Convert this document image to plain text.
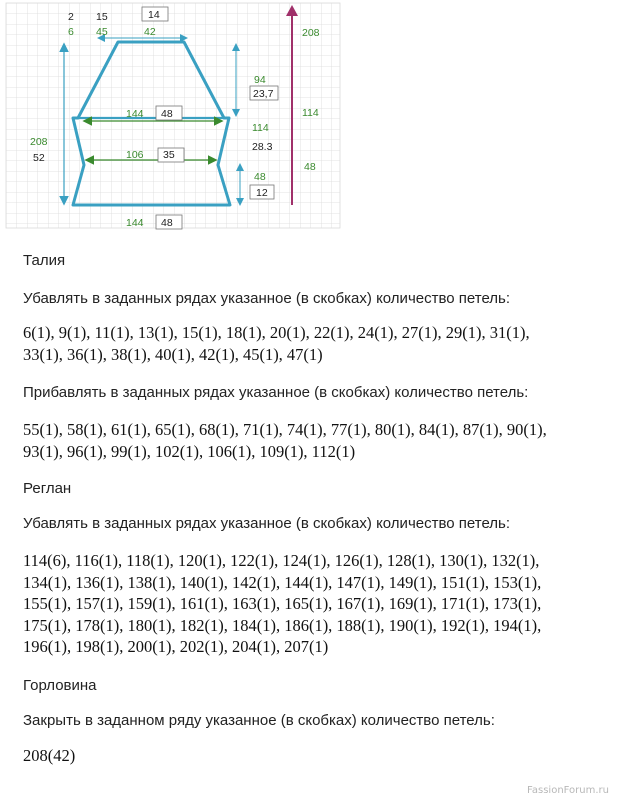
2 15	14
6 45	42
144 48
106 35
144 48
208
52
94
23,7
114
28.3
48
12
208
114
48

Талия

Убавлять в заданных рядах указанное (в скобках) количество петель:

6(1), 9(1), 11(1), 13(1), 15(1), 18(1), 20(1), 22(1), 24(1), 27(1), 29(1), 31(1),
33(1), 36(1), 38(1), 40(1), 42(1), 45(1), 47(1)

Прибавлять в заданных рядах указанное (в скобках) количество петель:

55(1), 58(1), 61(1), 65(1), 68(1), 71(1), 74(1), 77(1), 80(1), 84(1), 87(1), 90(1),
93(1), 96(1), 99(1), 102(1), 106(1), 109(1), 112(1)

Реглан

Убавлять в заданных рядах указанное (в скобках) количество петель:

114(6), 116(1), 118(1), 120(1), 122(1), 124(1), 126(1), 128(1), 130(1), 132(1),
134(1), 136(1), 138(1), 140(1), 142(1), 144(1), 147(1), 149(1), 151(1), 153(1),
155(1), 157(1), 159(1), 161(1), 163(1), 165(1), 167(1), 169(1), 171(1), 173(1),
175(1), 178(1), 180(1), 182(1), 184(1), 186(1), 188(1), 190(1), 192(1), 194(1),
196(1), 198(1), 200(1), 202(1), 204(1), 207(1)

Горловина

Закрыть в заданном ряду указанное (в скобках) количество петель:

208(42)

FassionForum.ru
